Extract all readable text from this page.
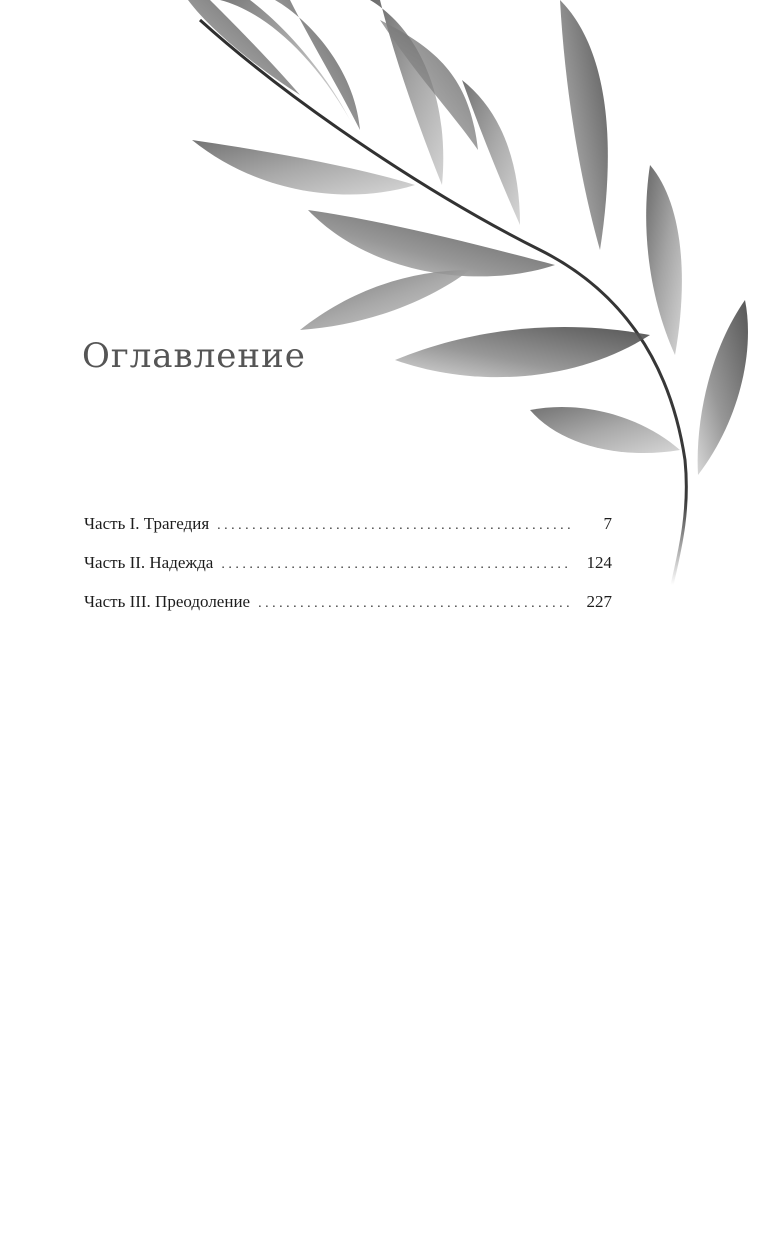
Оглавление
Часть I. Трагедия . . .	7
Часть II. Надежда . . .	124
Часть III. Преодоление . . .	227
